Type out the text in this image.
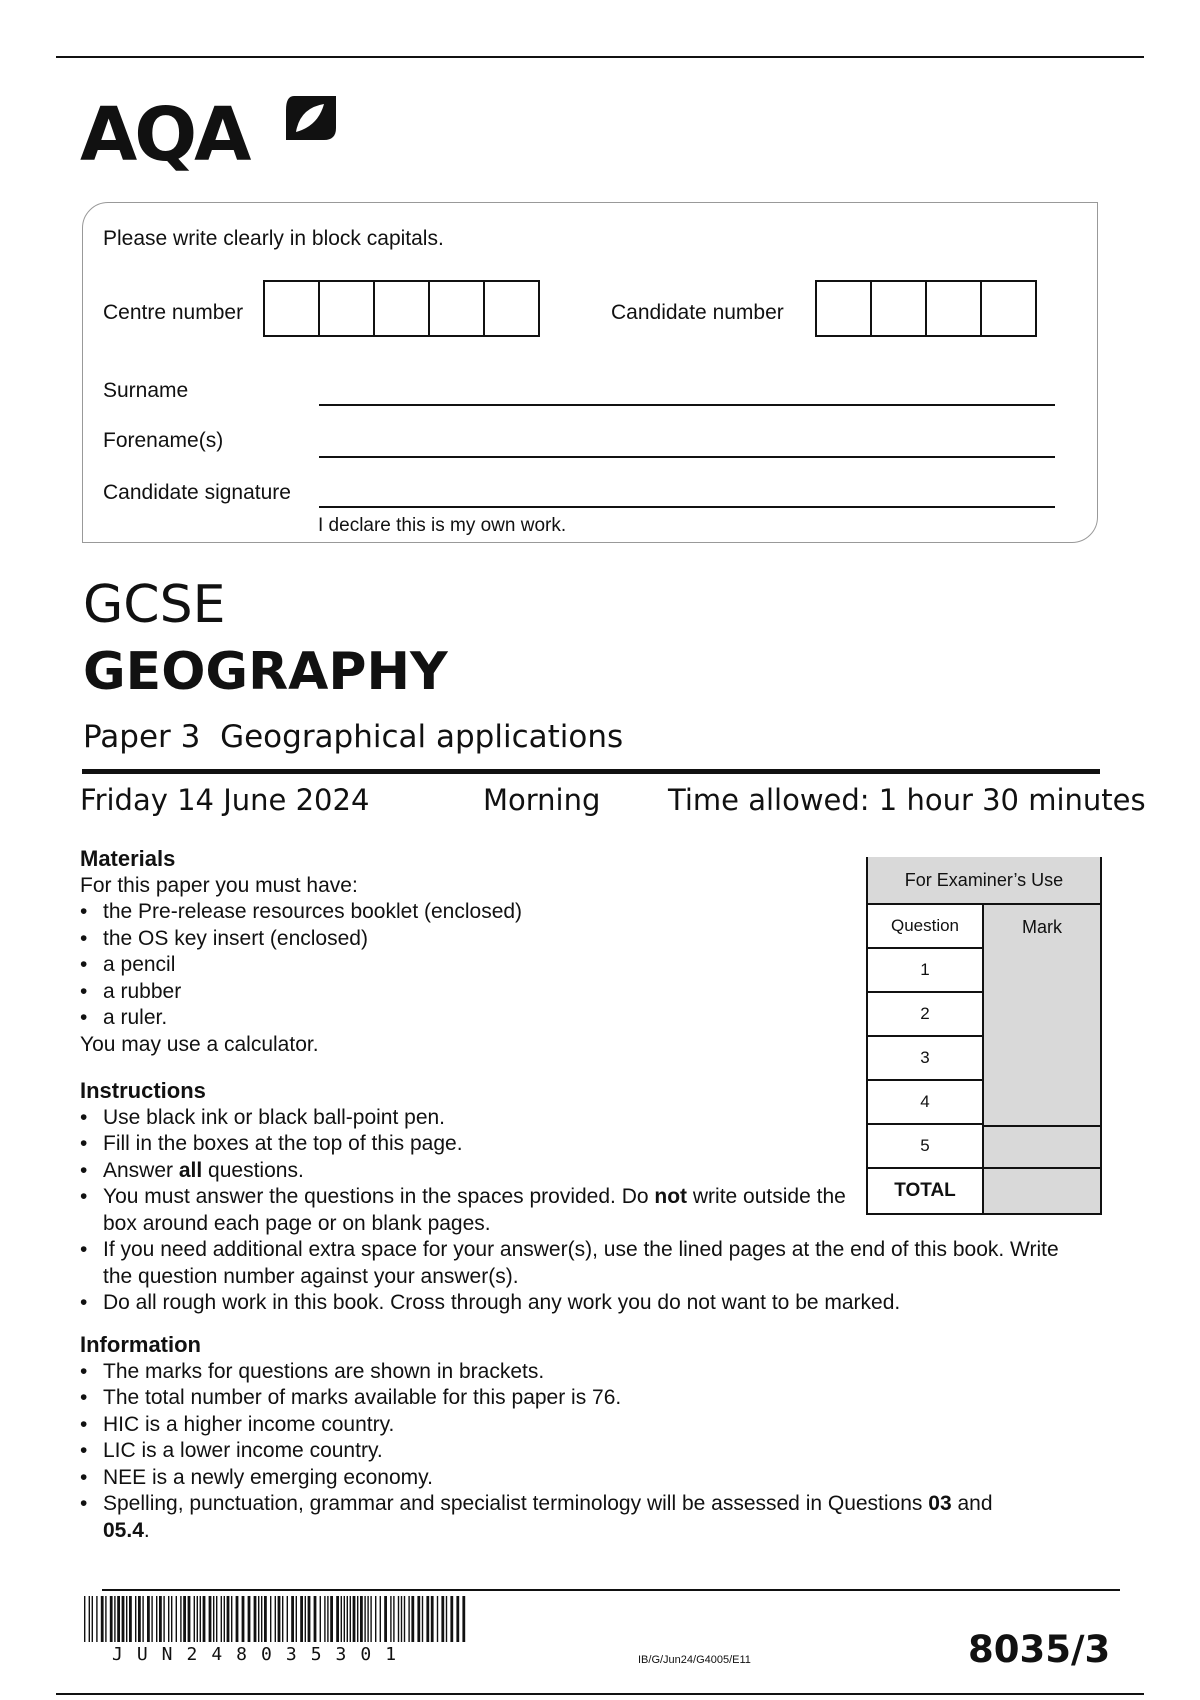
AQA
Please write clearly in block capitals.
Centre number	Candidate number
Surname
Forename(s)
Candidate signature
I declare this is my own work.
GCSE
GEOGRAPHY
Paper 3  Geographical applications
Friday 14 June 2024	Morning Time allowed: 1 hour 30 minutes
Materials

For this paper you must have:

• the Pre-release resources booklet (enclosed)
• the OS key insert (enclosed)
• a pencil
• a rubber
• a ruler.

You may use a calculator.

Instructions
• Use black ink or black ball-point pen.
• Fill in the boxes at the top of this page.
• Answer all questions.
• You must answer the questions in the spaces provided. Do not write outside the box around each page or on blank pages.
• If you need additional extra space for your answer(s), use the lined pages at the end of this book. Write the question number against your answer(s).
• Do all rough work in this book. Cross through any work you do not want to be marked.
Information
• The marks for questions are shown in brackets.
• The total number of marks available for this paper is 76.
• HIC is a higher income country.
• LIC is a lower income country.
• NEE is a newly emerging economy.
• Spelling, punctuation, grammar and specialist terminology will be assessed in Questions 03 and 05.4.
For Examiner’s Use
Question	Mark
1
2
3
4
5
TOTAL
JUN248035301	IB/G/Jun24/G4005/E11	8035/3
